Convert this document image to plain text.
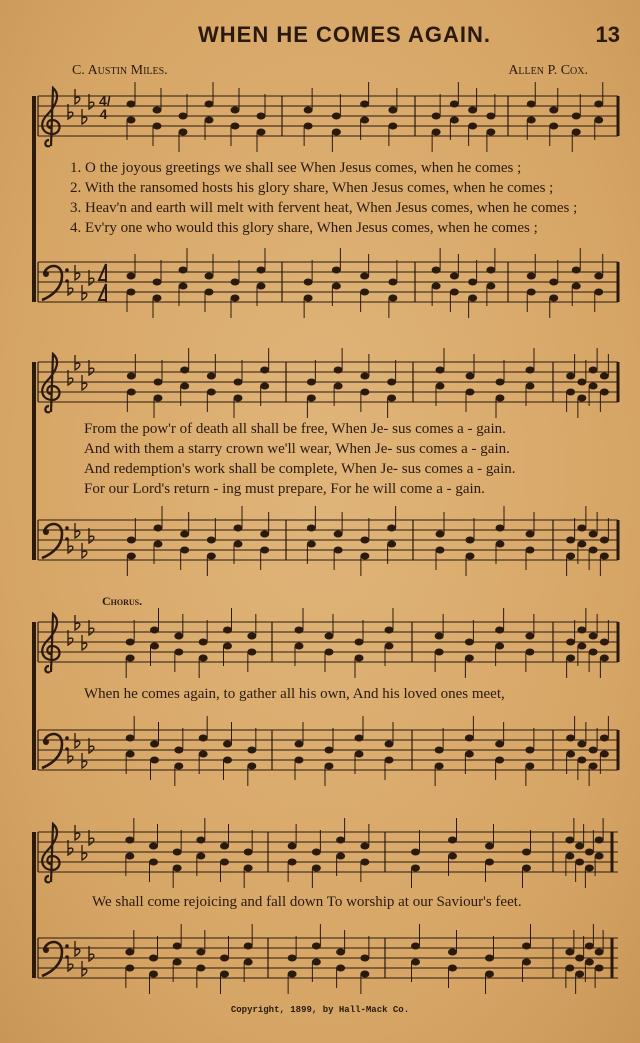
WHEN HE COMES AGAIN.	13
C. Austin Miles.	Allen P. Cox.
4/4
1. O the joyous greetings we shall see When Jesus comes, when he comes ;
2. With the ransomed hosts his glory share, When Jesus comes, when he comes ;
3. Heav'n and earth will melt with fervent heat, When Jesus comes, when he comes ;
4. Ev'ry one who would this glory share, When Jesus comes, when he comes ;
From the pow'r of death all shall be free, When Je- sus comes a - gain.
And with them a starry crown we'll wear, When Je- sus comes a - gain.
And redemption's work shall be complete, When Je- sus comes a - gain.
For our Lord's return - ing must prepare, For he will come a - gain.
Chorus.
When he comes again, to gather all his own, And his loved ones meet,
We shall come rejoicing and fall down To worship at our Saviour's feet.
Copyright, 1899, by Hall-Mack Co.
